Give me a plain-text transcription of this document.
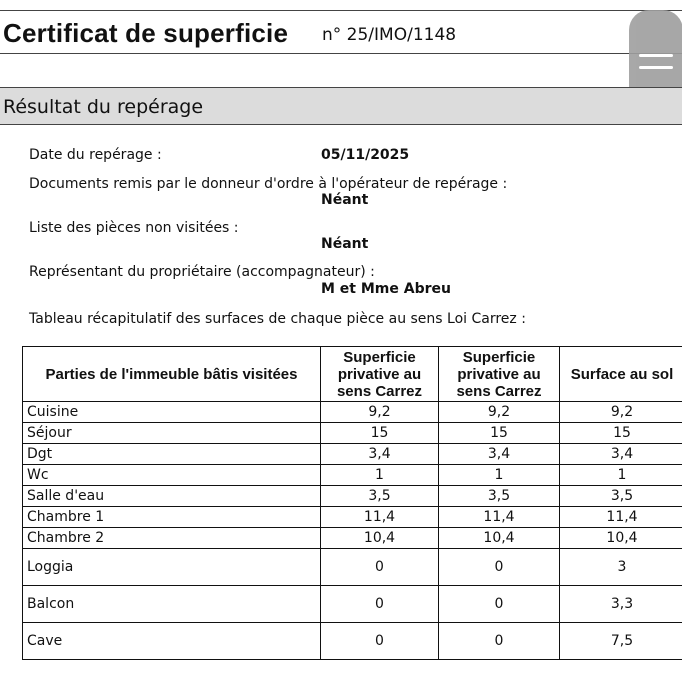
Certificat de superficie n° 25/IMO/1148
Résultat du repérage
Date du repérage :	05/11/2025
Documents remis par le donneur d'ordre à l'opérateur de repérage :
Néant
Liste des pièces non visitées :
Néant
Représentant du propriétaire (accompagnateur) :
M et Mme Abreu
Tableau récapitulatif des surfaces de chaque pièce au sens Loi Carrez :
Parties de l'immeuble bâtis visitées	Superficie privative au sens Carrez	Superficie privative au sens Carrez	Surface au sol
Cuisine	9,2	9,2	9,2
Séjour	15	15	15
Dgt	3,4	3,4	3,4
Wc	1	1	1
Salle d'eau	3,5	3,5	3,5
Chambre 1	11,4	11,4	11,4
Chambre 2	10,4	10,4	10,4
Loggia	0	0	3
Balcon	0	0	3,3
Cave	0	0	7,5
